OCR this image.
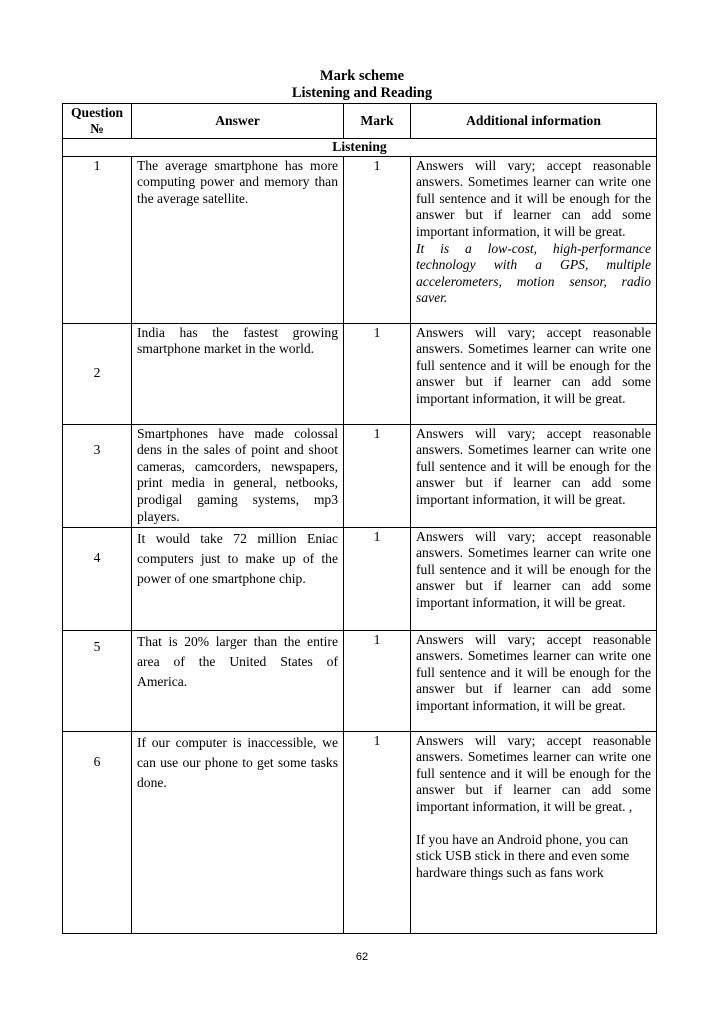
Mark scheme
Listening and Reading
Question №	Answer	Mark	Additional information
Listening			
1	The average smartphone has more computing power and memory than the average satellite.	1	Answers will vary; accept reasonable answers. Sometimes learner can write one full sentence and it will be enough for the answer but if learner can add some important information, it will be great.
It is a low-cost, high-performance technology with a GPS, multiple accelerometers, motion sensor, radio saver.

2	India has the fastest growing smartphone market in the world.	1	Answers will vary; accept reasonable answers. Sometimes learner can write one full sentence and it will be enough for the answer but if learner can add some important information, it will be great.
3	Smartphones have made colossal dens in the sales of point and shoot cameras, camcorders, newspapers, print media in general, netbooks, prodigal gaming systems, mp3 players.	1	Answers will vary; accept reasonable answers. Sometimes learner can write one full sentence and it will be enough for the answer but if learner can add some important information, it will be great.
4	It would take 72 million Eniac computers just to make up of the power of one smartphone chip.	1	Answers will vary; accept reasonable answers. Sometimes learner can write one full sentence and it will be enough for the answer but if learner can add some important information, it will be great.
5	That is 20% larger than the entire area of the United States of America.	1	Answers will vary; accept reasonable answers. Sometimes learner can write one full sentence and it will be enough for the answer but if learner can add some important information, it will be great.
6	If our computer is inaccessible, we can use our phone to get some tasks done.	1	Answers will vary; accept reasonable answers. Sometimes learner can write one full sentence and it will be enough for the answer but if learner can add some important information, it will be great. ,
If you have an Android phone, you can stick USB stick in there and even some hardware things such as fans work
62
